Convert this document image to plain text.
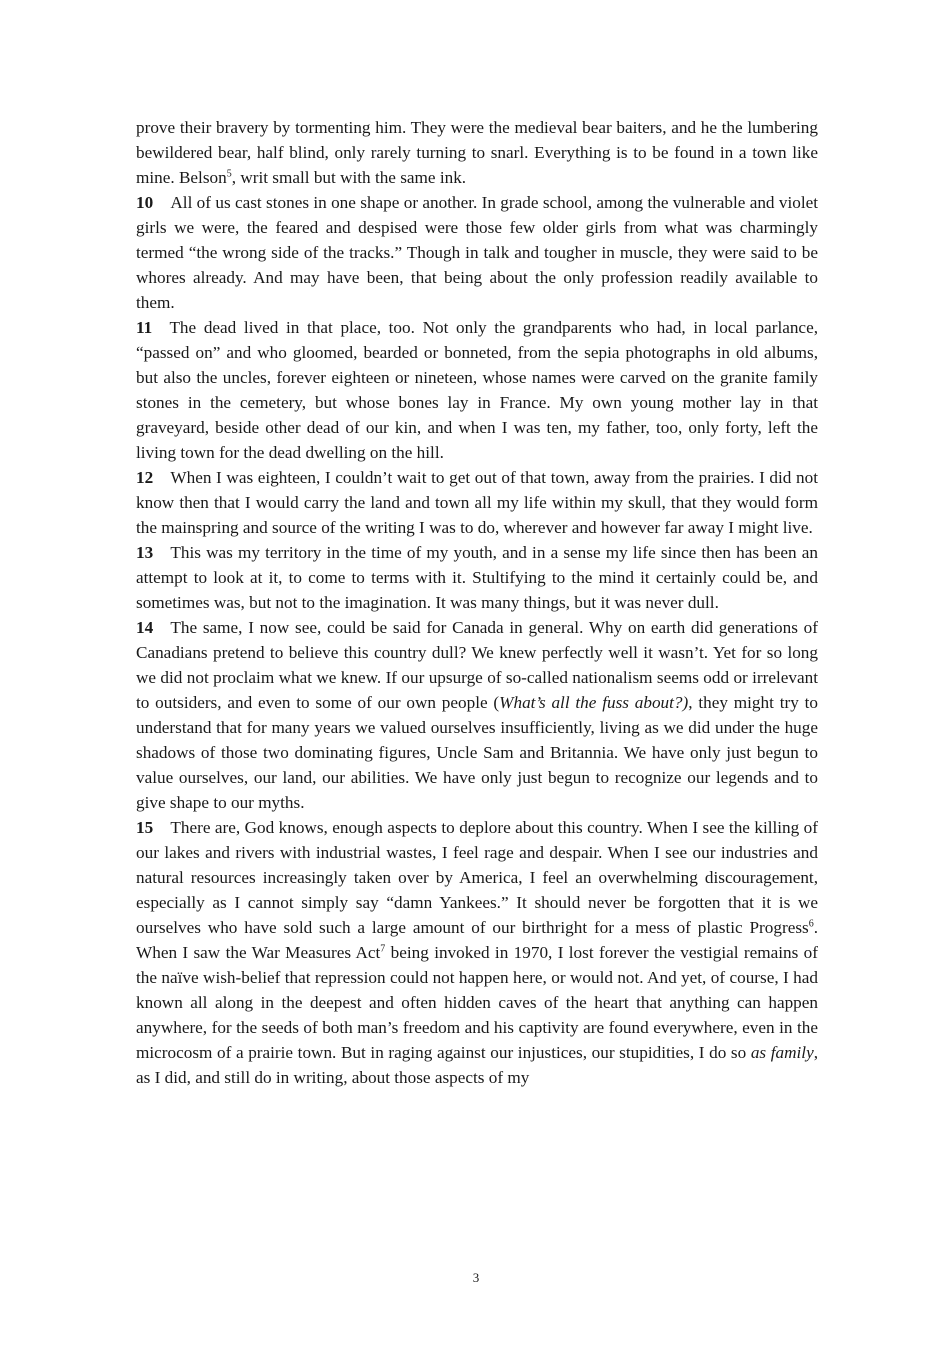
prove their bravery by tormenting him. They were the medieval bear baiters, and he the lumbering bewildered bear, half blind, only rarely turning to snarl. Everything is to be found in a town like mine. Belson$^5$, writ small but with the same ink.

10  All of us cast stones in one shape or another. In grade school, among the vulnerable and violet girls we were, the feared and despised were those few older girls from what was charmingly termed “the wrong side of the tracks.” Though in talk and tougher in muscle, they were said to be whores already. And may have been, that being about the only profession readily available to them.

11  The dead lived in that place, too. Not only the grandparents who had, in local parlance, “passed on” and who gloomed, bearded or bonneted, from the sepia photographs in old albums, but also the uncles, forever eighteen or nineteen, whose names were carved on the granite family stones in the cemetery, but whose bones lay in France. My own young mother lay in that graveyard, beside other dead of our kin, and when I was ten, my father, too, only forty, left the living town for the dead dwelling on the hill.

12  When I was eighteen, I couldn’t wait to get out of that town, away from the prairies. I did not know then that I would carry the land and town all my life within my skull, that they would form the mainspring and source of the writing I was to do, wherever and however far away I might live.

13  This was my territory in the time of my youth, and in a sense my life since then has been an attempt to look at it, to come to terms with it. Stultifying to the mind it certainly could be, and sometimes was, but not to the imagination. It was many things, but it was never dull.

14  The same, I now see, could be said for Canada in general. Why on earth did generations of Canadians pretend to believe this country dull? We knew perfectly well it wasn’t. Yet for so long we did not proclaim what we knew. If our upsurge of so-called nationalism seems odd or irrelevant to outsiders, and even to some of our own people (What’s all the fuss about?), they might try to understand that for many years we valued ourselves insufficiently, living as we did under the huge shadows of those two dominating figures, Uncle Sam and Britannia. We have only just begun to value ourselves, our land, our abilities. We have only just begun to recognize our legends and to give shape to our myths.

15  There are, God knows, enough aspects to deplore about this country. When I see the killing of our lakes and rivers with industrial wastes, I feel rage and despair. When I see our industries and natural resources increasingly taken over by America, I feel an overwhelming discouragement, especially as I cannot simply say “damn Yankees.” It should never be forgotten that it is we ourselves who have sold such a large amount of our birthright for a mess of plastic Progress$^6$. When I saw the War Measures Act$^7$ being invoked in 1970, I lost forever the vestigial remains of the naïve wish-belief that repression could not happen here, or would not. And yet, of course, I had known all along in the deepest and often hidden caves of the heart that anything can happen anywhere, for the seeds of both man’s freedom and his captivity are found everywhere, even in the microcosm of a prairie town. But in raging against our injustices, our stupidities, I do so as family, as I did, and still do in writing, about those aspects of my

3
